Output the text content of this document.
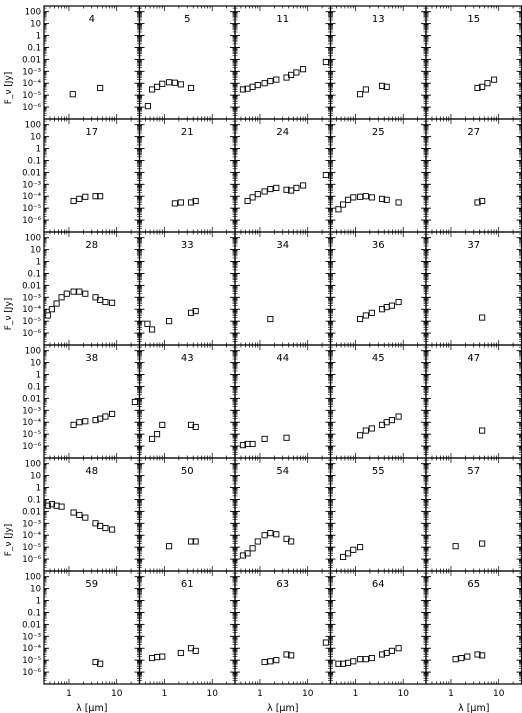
4	5	11	13	15
17	21	24	25	27
28	33	34	36	37
38	43	44	45	47
48	50	54	55	57
59	61	63	64	65
100
10
1
0.1
0.01
10⁻³
10⁻⁴
10⁻⁵
10⁻⁶
100
10
1
0.1
0.01
10⁻³
10⁻⁴
10⁻⁵
10⁻⁶
100
10
1
0.1
0.01
10⁻³
10⁻⁴
10⁻⁵
10⁻⁶
100
10
1
0.1
0.01
10⁻³
10⁻⁴
10⁻⁵
10⁻⁶
100
10
1
0.1
0.01
10⁻³
10⁻⁴
10⁻⁵
10⁻⁶
100
10
1
0.1
0.01
10⁻³
10⁻⁴
10⁻⁵
10⁻⁶
F_ν [Jy]
F_ν [Jy]
F_ν [Jy]
1	10	1	10	1	10	1	10	1	10
λ [μm]	λ [μm]	λ [μm]
